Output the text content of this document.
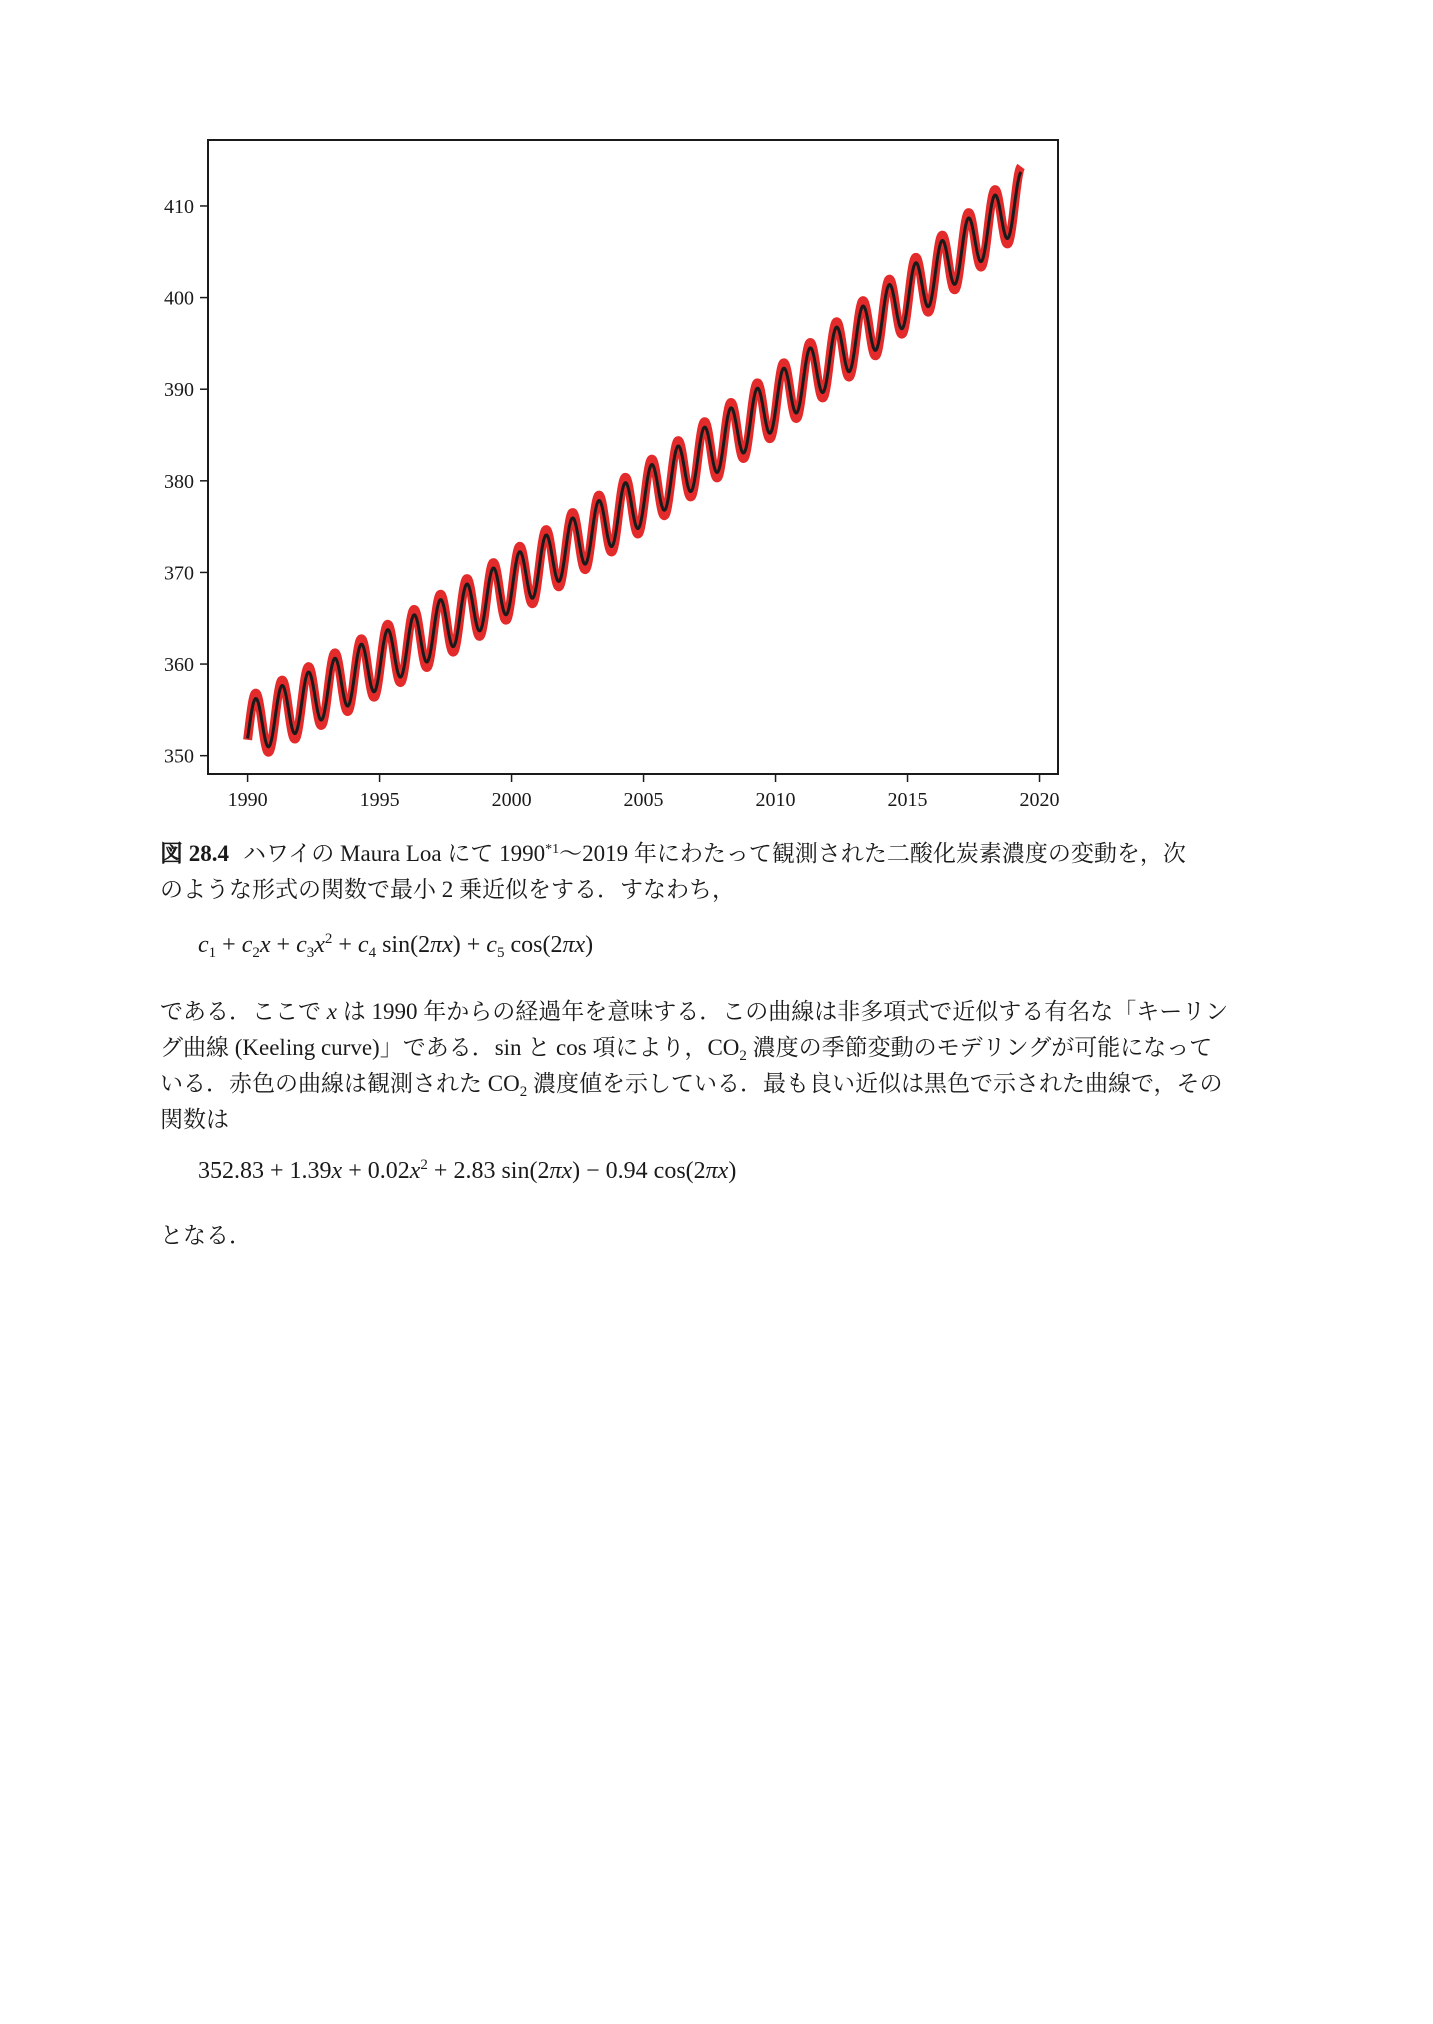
1990	1995	2000	2005	2010	2015	2020
350
360
370
380
390
400
410
図 28.4 ハワイの Maura Loa にて 1990$^{*1}$〜2019 年にわたって観測された二酸化炭素濃度の変動を，次
のような形式の関数で最小 2 乗近似をする．すなわち，
$c_1 + c_2x + c_3x^2 + c_4$ $\sin(2\pi x) + c_5$ cos(2πx)
である．ここで x は 1990 年からの経過年を意味する．この曲線は非多項式で近似する有名な「キーリン
グ曲線 (Keeling curve)」である．sin と cos 項により，$CO_2$ 濃度の季節変動のモデリングが可能になって
いる．赤色の曲線は観測された $CO_2$ 濃度値を示している．最も良い近似は黒色で示された曲線で，その
関数は
$352.83 + 1.39x + 0.02x^2 + 2.83$ sin(2πx) − 0.94 cos(2πx)
となる．
